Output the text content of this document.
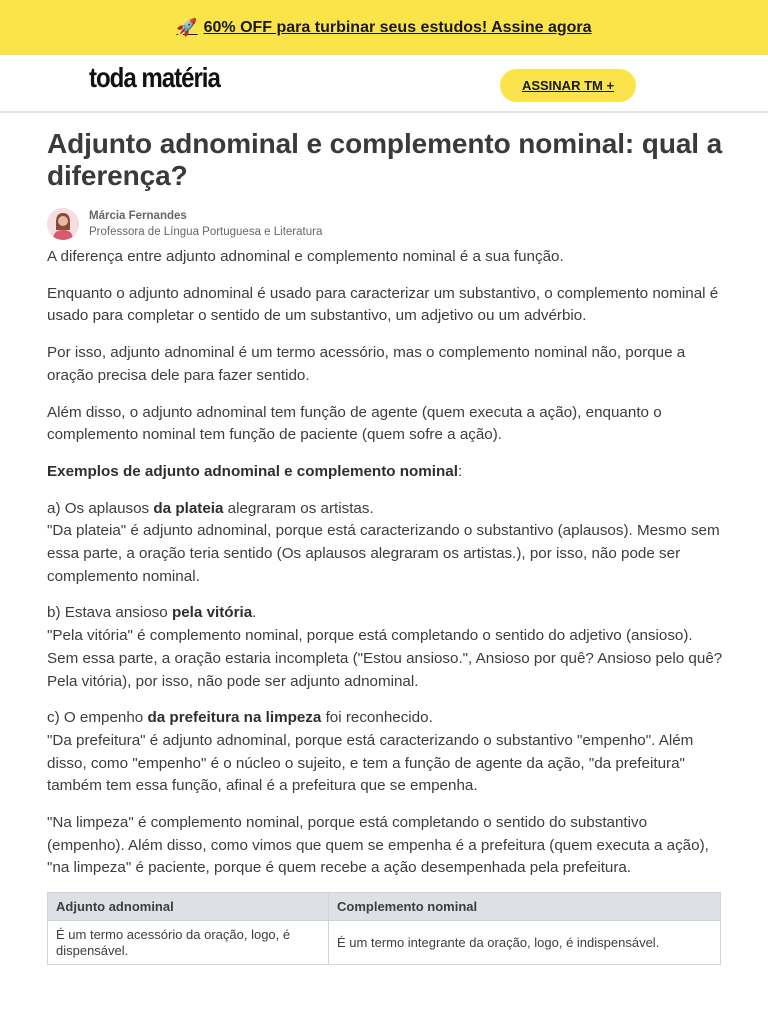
🚀 60% OFF para turbinar seus estudos! Assine agora
toda matéria	ASSINAR TM +
Adjunto adnominal e complemento nominal: qual a diferença?
Márcia Fernandes
Professora de Língua Portuguesa e Literatura

A diferença entre adjunto adnominal e complemento nominal é a sua função.

Enquanto o adjunto adnominal é usado para caracterizar um substantivo, o complemento nominal é usado para completar o sentido de um substantivo, um adjetivo ou um advérbio.

Por isso, adjunto adnominal é um termo acessório, mas o complemento nominal não, porque a oração precisa dele para fazer sentido.

Além disso, o adjunto adnominal tem função de agente (quem executa a ação), enquanto o complemento nominal tem função de paciente (quem sofre a ação).

Exemplos de adjunto adnominal e complemento nominal:

a) Os aplausos da plateia alegraram os artistas.
"Da plateia" é adjunto adnominal, porque está caracterizando o substantivo (aplausos). Mesmo sem essa parte, a oração teria sentido (Os aplausos alegraram os artistas.), por isso, não pode ser complemento nominal.

b) Estava ansioso pela vitória.
"Pela vitória" é complemento nominal, porque está completando o sentido do adjetivo (ansioso). Sem essa parte, a oração estaria incompleta ("Estou ansioso.", Ansioso por quê? Ansioso pelo quê? Pela vitória), por isso, não pode ser adjunto adnominal.

c) O empenho da prefeitura na limpeza foi reconhecido.
"Da prefeitura" é adjunto adnominal, porque está caracterizando o substantivo "empenho". Além disso, como "empenho" é o núcleo o sujeito, e tem a função de agente da ação, "da prefeitura" também tem essa função, afinal é a prefeitura que se empenha.

"Na limpeza" é complemento nominal, porque está completando o sentido do substantivo (empenho). Além disso, como vimos que quem se empenha é a prefeitura (quem executa a ação), "na limpeza" é paciente, porque é quem recebe a ação desempenhada pela prefeitura.

Adjunto adnominal	Complemento nominal
É um termo acessório da oração, logo, é dispensável.	É um termo integrante da oração, logo, é indispensável.
